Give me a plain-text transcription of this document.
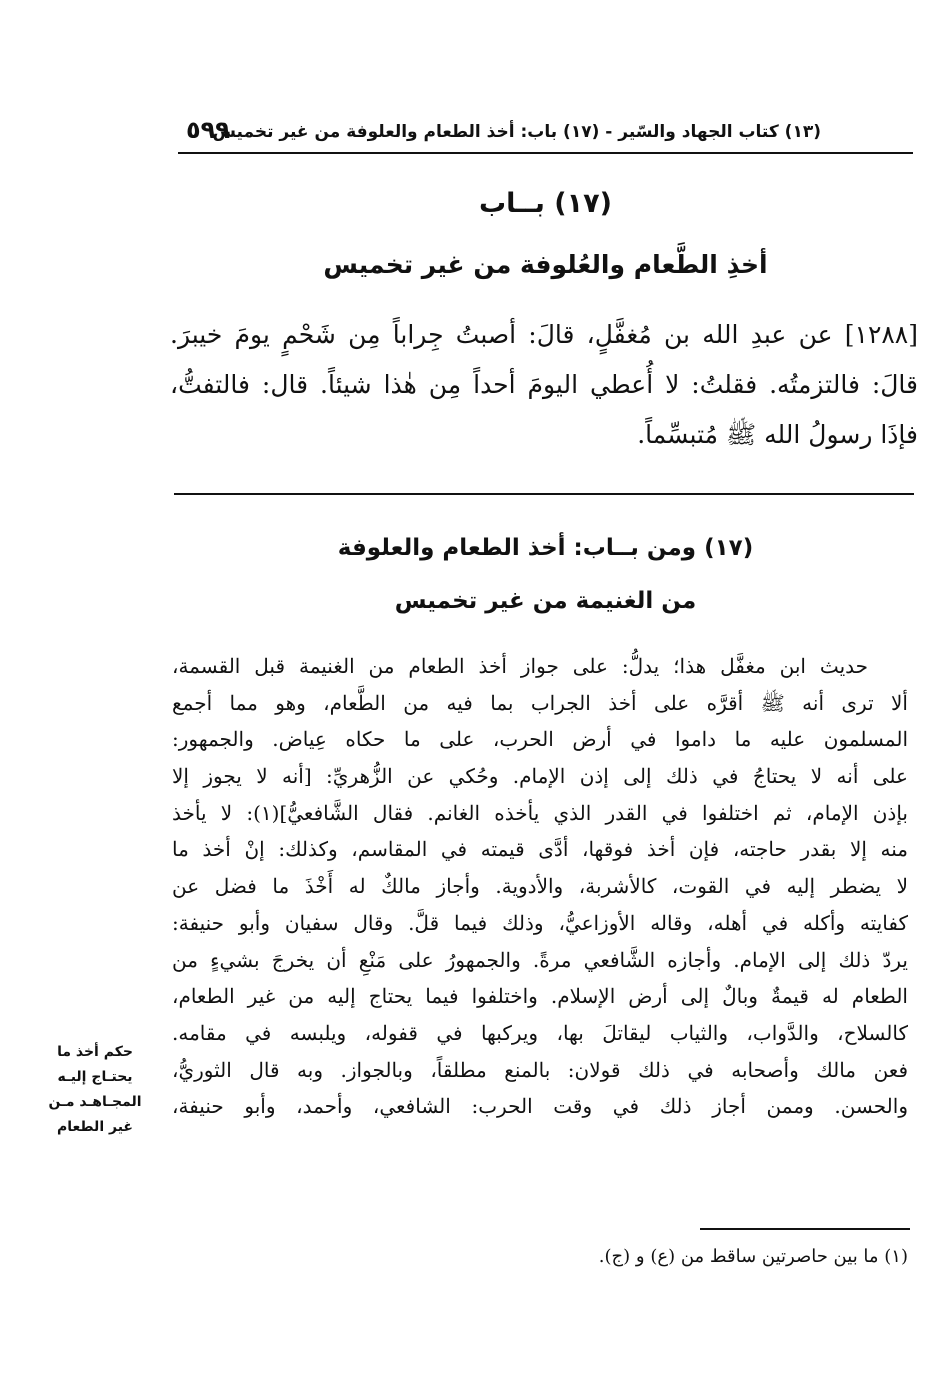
(١٣) كتاب الجهاد والسّير - (١٧) باب: أخذ الطعام والعلوفة من غير تخميس
٥٩٩
(١٧) بــاب
أخذِ الطَّعام والعُلوفة من غير تخميس

[١٢٨٨] عن عبدِ الله بن مُغفَّلٍ، قالَ: أصبتُ جِراباً مِن شَحْمٍ يومَ خيبرَ. قالَ: فالتزمتُه. فقلتُ: لا أُعطي اليومَ أحداً مِن هٰذا شيئاً. قال: فالتفتُّ، فإذَا رسولُ الله ﷺ مُتبسِّماً.

(١٧) ومن بــاب: أخذ الطعام والعلوفة
من الغنيمة من غير تخميس
حديث ابن مغفَّل هذا؛ يدلُّ: على جواز أخذ الطعام من الغنيمة قبل القسمة،
ألا ترى أنه ﷺ أقرَّه على أخذ الجراب بما فيه من الطَّعام، وهو مما أجمع
المسلمون عليه ما داموا في أرض الحرب، على ما حكاه عِياض. والجمهور:
على أنه لا يحتاجُ في ذلك إلى إذن الإمام. وحُكي عن الزُّهريِّ: [أنه لا يجوز إلا
بإذن الإمام، ثم اختلفوا في القدر الذي يأخذه الغانم. فقال الشَّافعيُّ](١): لا يأخذ
منه إلا بقدر حاجته، فإن أخذ فوقها، أدَّى قيمته في المقاسم، وكذلك: إنْ أخذ ما
لا يضطر إليه في القوت، كالأشربة، والأدوية. وأجاز مالكٌ له أَخْذَ ما فضل عن
كفايته وأكله في أهله، وقاله الأوزاعيُّ، وذلك فيما قلَّ. وقال سفيان وأبو حنيفة:
يردّ ذلك إلى الإمام. وأجازه الشَّافعي مرةً. والجمهورُ على مَنْعِ أن يخرجَ بشيءٍ من
الطعام له قيمةٌ وبالٌ إلى أرض الإسلام. واختلفوا فيما يحتاج إليه من غير الطعام،
كالسلاح، والدَّواب، والثياب ليقاتلَ بها، ويركبها في قفوله، ويلبسه في مقامه.
فعن مالك وأصحابه في ذلك قولان: بالمنع مطلقاً، وبالجواز. وبه قال الثوريُّ،
والحسن. وممن أجاز ذلك في وقت الحرب: الشافعي، وأحمد، وأبو حنيفة،
حكم أخذ ما
يحتـاج إليـه
المجـاهـد مـن
غير الطعام
(١) ما بين حاصرتين ساقط من (ع) و (ج).
